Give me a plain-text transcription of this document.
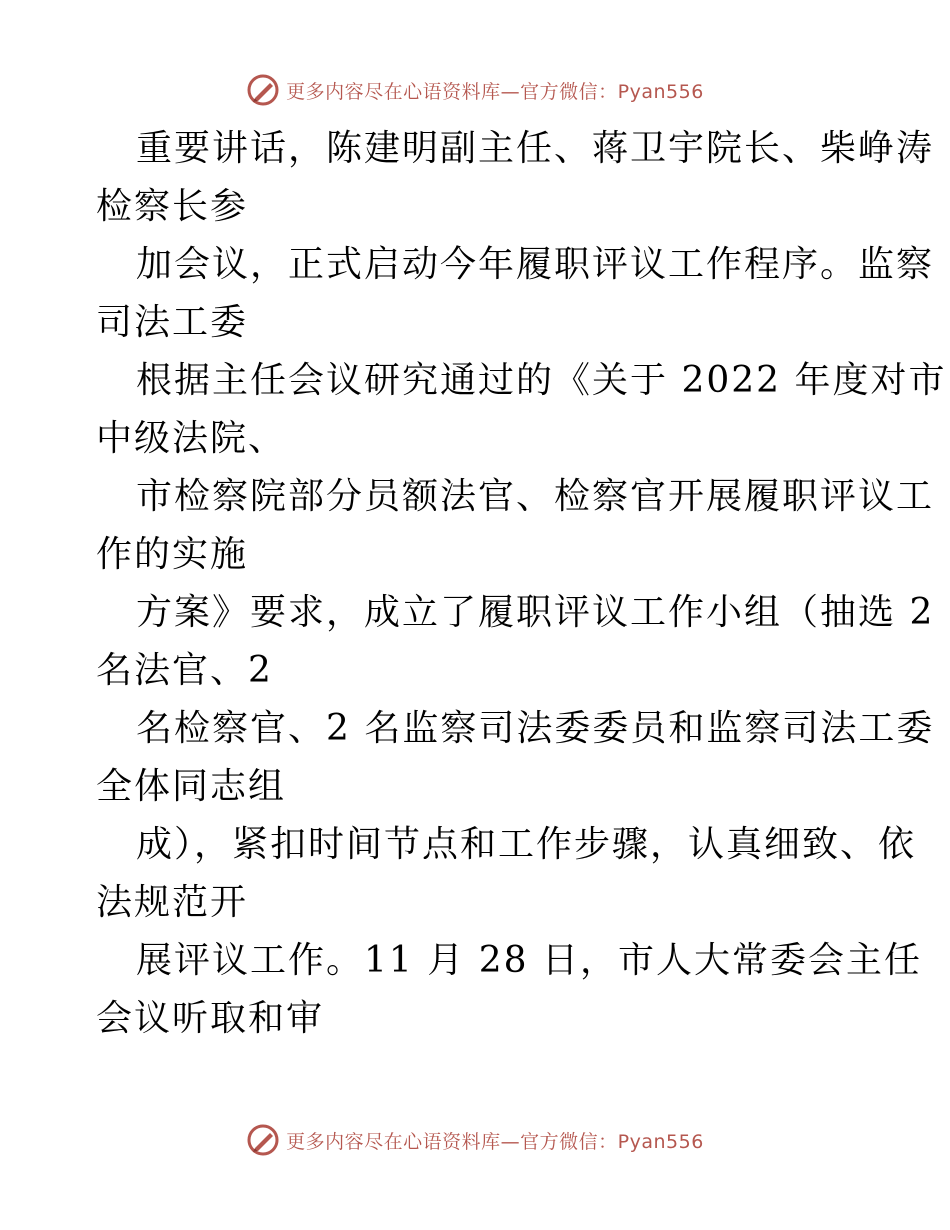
更多内容尽在心语资料库—官方微信：Pyan556
重要讲话，陈建明副主任、蒋卫宇院长、柴峥涛
检察长参
加会议，正式启动今年履职评议工作程序。监察
司法工委
根据主任会议研究通过的《关于 2022 年度对市
中级法院、
市检察院部分员额法官、检察官开展履职评议工
作的实施
方案》要求，成立了履职评议工作小组（抽选 2
名法官、2
名检察官、2 名监察司法委委员和监察司法工委
全体同志组
成），紧扣时间节点和工作步骤，认真细致、依
法规范开
展评议工作。11 月 28 日，市人大常委会主任
会议听取和审
更多内容尽在心语资料库—官方微信：Pyan556
